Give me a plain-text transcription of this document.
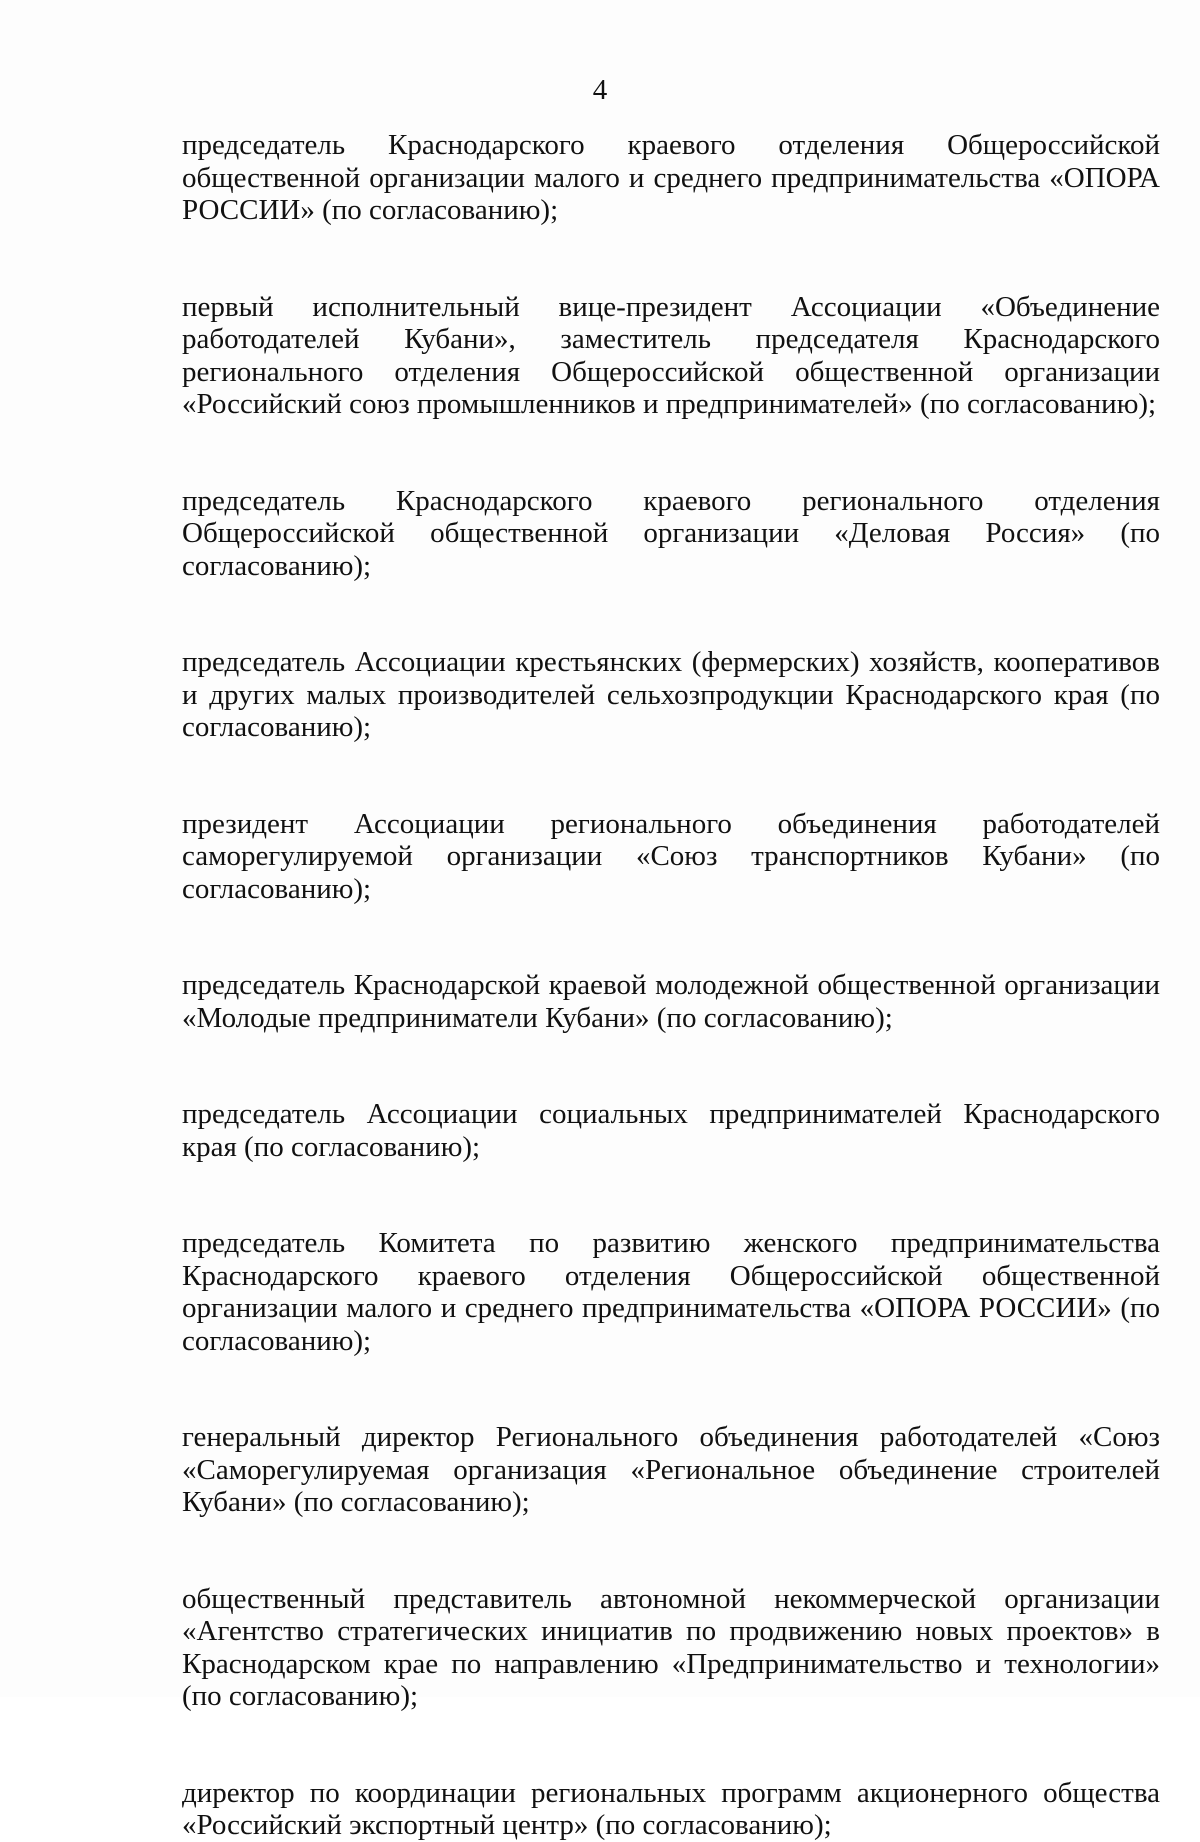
4

председатель Краснодарского краевого отделения Общероссийской общественной организации малого и среднего предпринимательства «ОПОРА РОССИИ» (по согласованию);

первый исполнительный вице-президент Ассоциации «Объединение работодателей Кубани», заместитель председателя Краснодарского регионального отделения Общероссийской общественной организации «Российский союз промышленников и предпринимателей» (по согласованию);

председатель Краснодарского краевого регионального отделения Общероссийской общественной организации «Деловая Россия» (по согласованию);

председатель Ассоциации крестьянских (фермерских) хозяйств, кооперативов и других малых производителей сельхозпродукции Краснодарского края (по согласованию);

президент Ассоциации регионального объединения работодателей саморегулируемой организации «Союз транспортников Кубани» (по согласованию);

председатель Краснодарской краевой молодежной общественной организации «Молодые предприниматели Кубани» (по согласованию);

председатель Ассоциации социальных предпринимателей Краснодарского края (по согласованию);

председатель Комитета по развитию женского предпринимательства Краснодарского краевого отделения Общероссийской общественной организации малого и среднего предпринимательства «ОПОРА РОССИИ» (по согласованию);

генеральный директор Регионального объединения работодателей «Союз «Саморегулируемая организация «Региональное объединение строителей Кубани» (по согласованию);

общественный представитель автономной некоммерческой организации «Агентство стратегических инициатив по продвижению новых проектов» в Краснодарском крае по направлению «Предпринимательство и технологии» (по согласованию);

директор по координации региональных программ акционерного общества «Российский экспортный центр» (по согласованию);
